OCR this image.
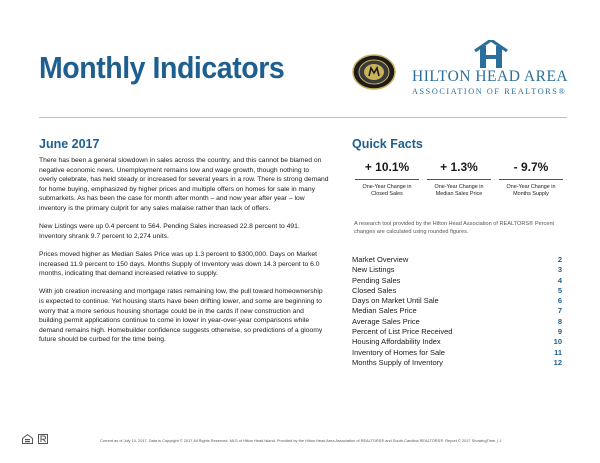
Monthly Indicators	HILTON HEAD AREA
ASSOCIATION OF REALTORS®
June 2017	Quick Facts

There has been a general slowdown in sales across the country, and this cannot be blamed on negative economic news. Unemployment remains low and wage growth, though nothing to overly celebrate, has held steady or increased for several years in a row. There is strong demand for home buying, emphasized by higher prices and multiple offers on homes for sale in many submarkets. As has been the case for month after month – and now year after year – low inventory is the primary culprit for any sales malaise rather than lack of offers.

New Listings were up 0.4 percent to 564. Pending Sales increased 22.8 percent to 491. Inventory shrank 9.7 percent to 2,274 units.

Prices moved higher as Median Sales Price was up 1.3 percent to $300,000. Days on Market increased 11.9 percent to 150 days. Months Supply of Inventory was down 14.3 percent to 6.0 months, indicating that demand increased relative to supply.

With job creation increasing and mortgage rates remaining low, the pull toward homeownership is expected to continue. Yet housing starts have been drifting lower, and some are beginning to worry that a more serious housing shortage could be in the cards if new construction and building permit applications continue to come in lower in year-over-year comparisons while demand remains high. Homebuilder confidence suggests otherwise, so predictions of a gloomy future should be curbed for the time being.

+ 10.1%
One-Year Change in
Closed Sales
+ 1.3%
One-Year Change in
Median Sales Price
- 9.7%
One-Year Change in
Months Supply
A research tool provided by the Hilton Head Association of REALTORS® Percent changes are calculated using rounded figures.
Market Overview	2
New Listings	3
Pending Sales	4
Closed Sales	5
Days on Market Until Sale	6
Median Sales Price	7
Average Sales Price	8
Percent of List Price Received	9
Housing Affordability Index	10
Inventory of Homes for Sale	11
Months Supply of Inventory	12
Current as of July 10, 2017. Data is Copyright © 2017 All Rights Reserved. MLS of Hilton Head Island. Provided by the Hilton Head Area Association of REALTORS® and South Carolina REALTORS®. Report © 2017 ShowingTime. | 1
